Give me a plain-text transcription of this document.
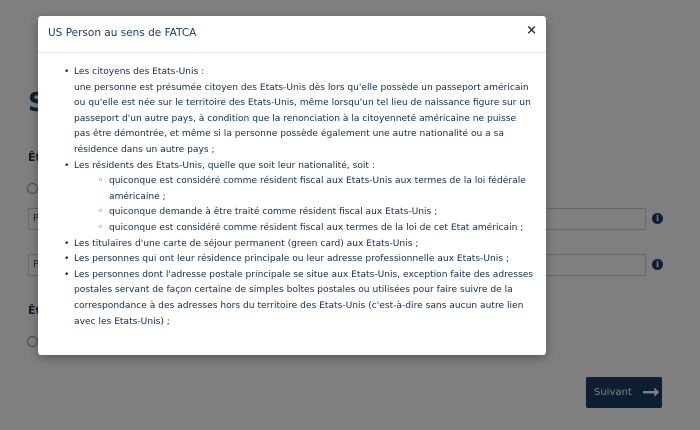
US Person au sens de FATCA	×
• Les citoyens des Etats-Unis :
une personne est présumée citoyen des Etats-Unis dès lors qu'elle possède un passeport américain ou qu'elle est née sur le territoire des Etats-Unis, même lorsqu'un tel lieu de naissance figure sur un passeport d'un autre pays, à condition que la renonciation à la citoyenneté américaine ne puisse pas être démontrée, et même si la personne possède également une autre nationalité ou a sa résidence dans un autre pays ;
• Les résidents des Etats-Unis, quelle que soit leur nationalité, soit :
◦ quiconque est considéré comme résident fiscal aux Etats-Unis aux termes de la loi fédérale américaine ;
◦ quiconque demande à être traité comme résident fiscal aux Etats-Unis ;
◦ quiconque est considéré comme résident fiscal aux termes de la loi de cet Etat américain ;
• Les titulaires d'une carte de séjour permanent (green card) aux Etats-Unis ;
• Les personnes qui ont leur résidence principale ou leur adresse professionnelle aux Etats-Unis ;
• Les personnes dont l'adresse postale principale se situe aux Etats-Unis, exception faite des adresses postales servant de façon certaine de simples boîtes postales ou utilisées pour faire suivre de la correspondance à des adresses hors du territoire des Etats-Unis (c'est-à-dire sans aucun autre lien avec les Etats-Unis) ;
